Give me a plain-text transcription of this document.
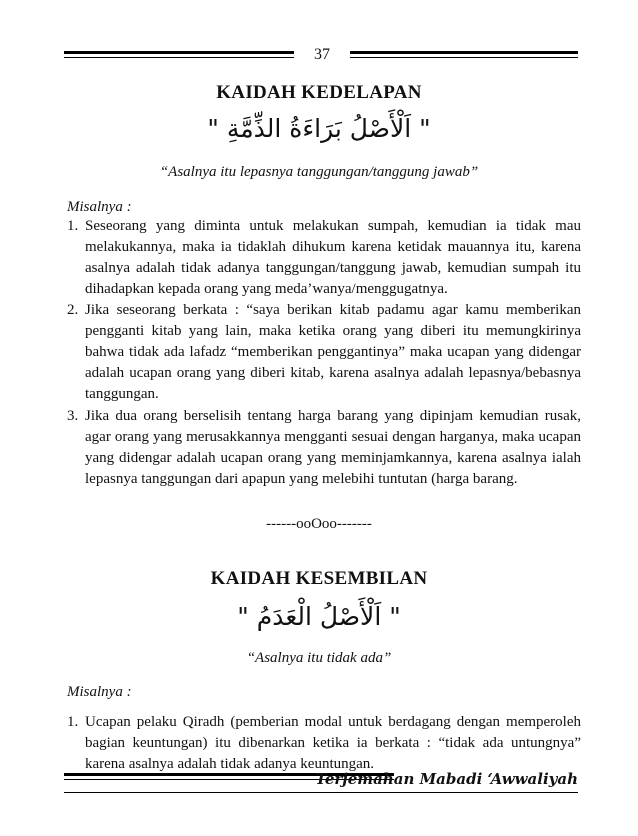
37
KAIDAH KEDELAPAN
" اَلْأَصْلُ بَرَاءَةُ الذِّمَّةِ "
“Asalnya itu lepasnya tanggungan/tanggung jawab”
Misalnya :
1. Seseorang yang diminta untuk melakukan sumpah, kemudian ia tidak mau melakukannya, maka ia tidaklah dihukum karena ketidak mauannya itu, karena asalnya adalah tidak adanya tanggungan/tanggung jawab, kemudian sumpah itu dihadapkan kepada orang yang meda’wanya/menggugatnya.
2. Jika seseorang berkata : “saya berikan kitab padamu agar kamu memberikan pengganti kitab yang lain, maka ketika orang yang diberi itu memungkirinya bahwa tidak ada lafadz “memberikan penggantinya” maka ucapan yang didengar adalah ucapan orang yang diberi kitab, karena asalnya adalah lepasnya/bebasnya tanggungan.
3. Jika dua orang berselisih tentang harga barang yang dipinjam kemudian rusak, agar orang yang merusakkannya mengganti sesuai dengan harganya, maka ucapan yang didengar adalah ucapan orang yang meminjamkannya, karena asalnya ialah lepasnya tanggungan dari apapun yang melebihi tuntutan (harga barang.
------ooOoo-------
KAIDAH KESEMBILAN
" اَلْأَصْلُ الْعَدَمُ "
“Asalnya itu tidak ada”
Misalnya :
1. Ucapan pelaku Qiradh (pemberian modal untuk berdagang dengan memperoleh bagian keuntungan) itu dibenarkan ketika ia berkata : “tidak ada untungnya” karena asalnya adalah tidak adanya keuntungan.
Terjemahan Mabadi ‘Awwaliyah
